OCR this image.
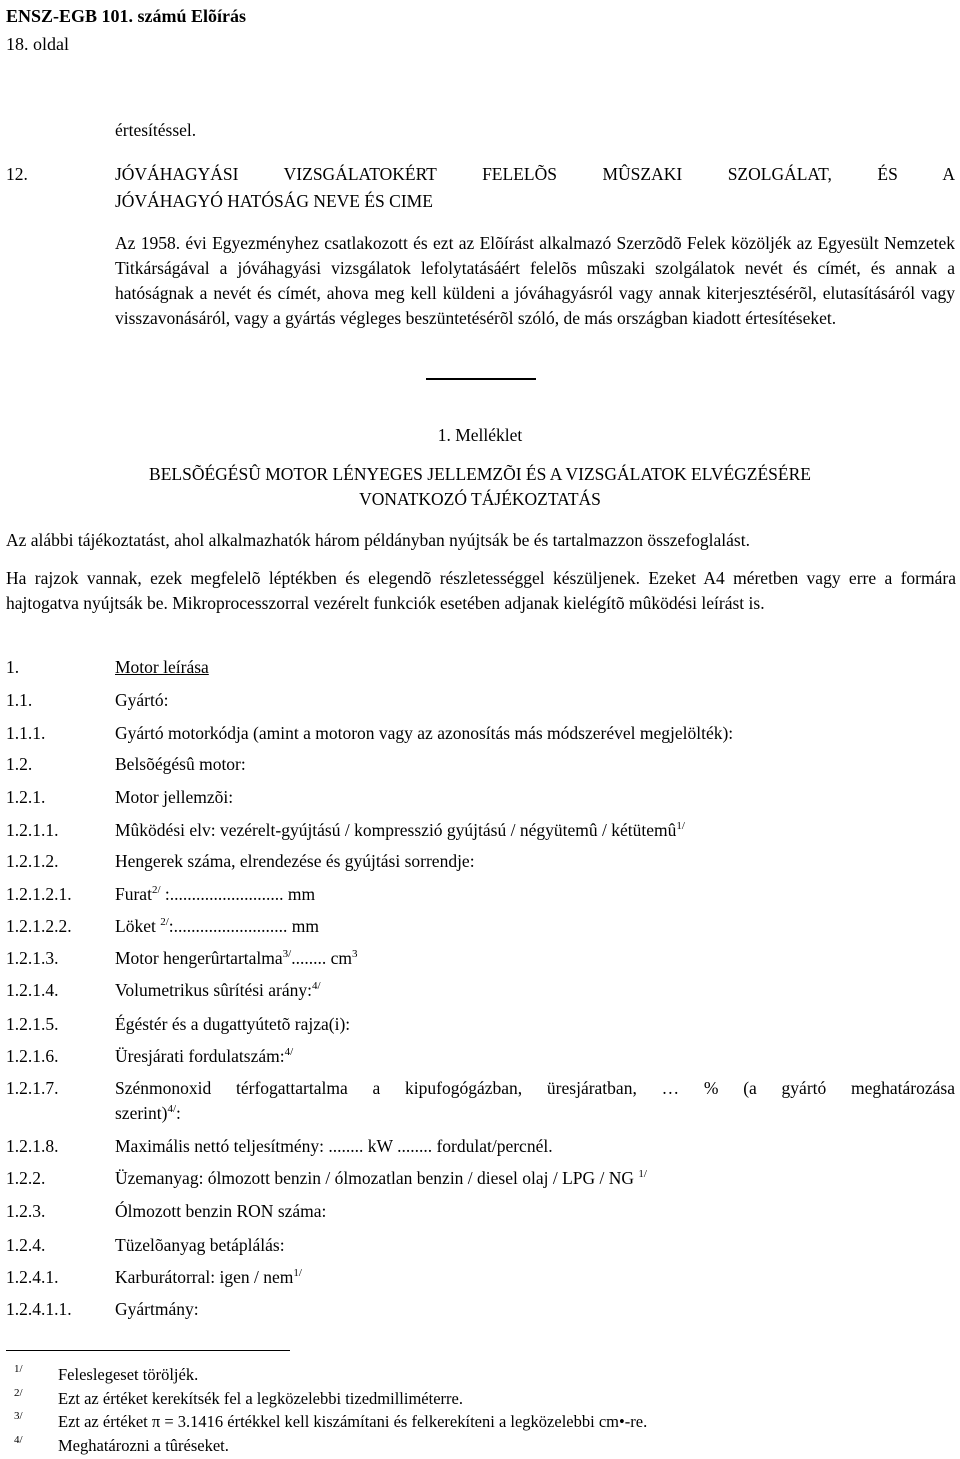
ENSZ-EGB 101. számú Elõírás
18. oldal
értesítéssel.
12.	JÓVÁHAGYÁSI VIZSGÁLATOKÉRT FELELÕS MÛSZAKI SZOLGÁLAT, ÉS A
JÓVÁHAGYÓ HATÓSÁG NEVE ÉS CIME
Az 1958. évi Egyezményhez csatlakozott és ezt az Elõírást alkalmazó Szerzõdõ Felek közöljék az Egyesült Nemzetek Titkárságával a jóváhagyási vizsgálatok lefolytatásáért felelõs mûszaki szolgálatok nevét és címét, és annak a hatóságnak a nevét és címét, ahova meg kell küldeni a jóváhagyásról vagy annak kiterjesztésérõl, elutasításáról vagy visszavonásáról, vagy a gyártás végleges beszüntetésérõl szóló, de más országban kiadott értesítéseket.
1. Melléklet
BELSÕÉGÉSÛ MOTOR LÉNYEGES JELLEMZÕI ÉS A VIZSGÁLATOK ELVÉGZÉSÉRE
VONATKOZÓ TÁJÉKOZTATÁS
Az alábbi tájékoztatást, ahol alkalmazhatók három példányban nyújtsák be és tartalmazzon összefoglalást.
Ha rajzok vannak, ezek megfelelõ léptékben és elegendõ részletességgel készüljenek. Ezeket A4 méretben vagy erre a formára hajtogatva nyújtsák be. Mikroprocesszorral vezérelt funkciók esetében adjanak kielégítõ mûködési leírást is.
1.	Motor leírása
1.1.	Gyártó:
1.1.1.	Gyártó motorkódja (amint a motoron vagy az azonosítás más módszerével megjelölték):
1.2.	Belsõégésû motor:
1.2.1.	Motor jellemzõi:
1.2.1.1.	Mûködési elv: vezérelt-gyújtású / kompresszió gyújtású / négyütemû / kétütemû$^{1/}$
1.2.1.2.	Hengerek száma, elrendezése és gyújtási sorrendje:
1.2.1.2.1. Furat$^{2/}$ :.......................... mm
1.2.1.2.2. Löket $^{2/}$:.......................... mm
1.2.1.3.	Motor hengerûrtartalma$^{3/}$........ $cm^3$
1.2.1.4.	Volumetrikus sûrítési arány:$^{4/}$
1.2.1.5.	Égéstér és a dugattyútetõ rajza(i):
1.2.1.6.	Üresjárati fordulatszám:$^{4/}$
1.2.1.7.	Szénmonoxid térfogattartalma a kipufogógázban, üresjáratban, … % (a gyártó meghatározása
szerint)$^{4/}$:
1.2.1.8.	Maximális nettó teljesítmény: ........ kW ........ fordulat/percnél.
1.2.2.	Üzemanyag: ólmozott benzin / ólmozatlan benzin / diesel olaj / LPG / NG $^{1/}$
1.2.3.	Ólmozott benzin RON száma:
1.2.4.	Tüzelõanyag betáplálás:
1.2.4.1.	Karburátorral: igen / nem$^{1/}$
1.2.4.1.1. Gyártmány:
1/ Feleslegeset töröljék.
2/ Ezt az értéket kerekítsék fel a legközelebbi tizedmilliméterre.
3/ Ezt az értéket π = 3.1416 értékkel kell kiszámítani és felkerekíteni a legközelebbi cm•-re.
4/ Meghatározni a tûréseket.
